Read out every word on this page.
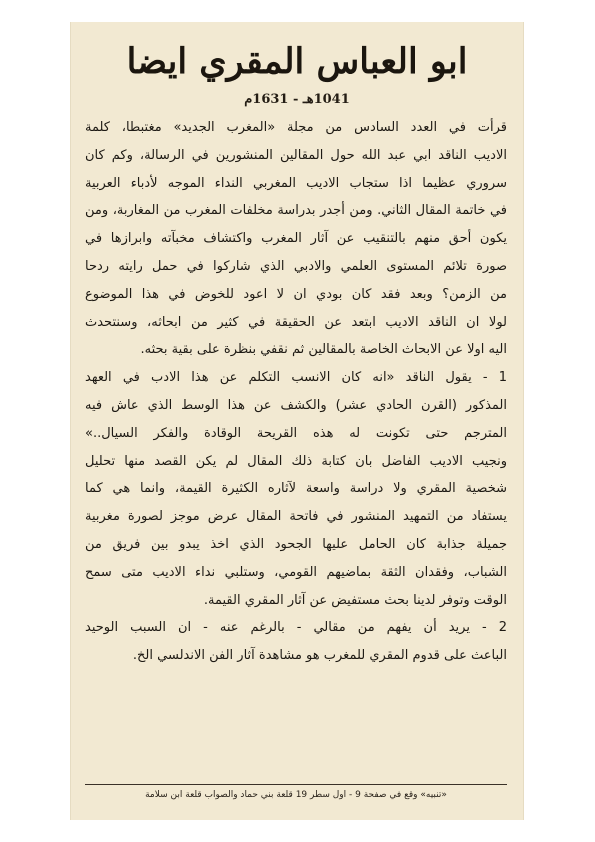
ابو العباس المقري ايضا
1041هـ - 1631م
قرأت في العدد السادس من مجلة «المغرب الجديد» مغتبطا، كلمة
الاديب الناقد ابي عبد الله حول المقالين المنشورين في الرسالة، وكم كان
سروري عظيما اذا ستجاب الاديب المغربي النداء الموجه لأدباء العربية
في خاتمة المقال الثاني. ومن أجدر بدراسة مخلفات المغرب من المغاربة، ومن
يكون أحق منهم بالتنقيب عن آثار المغرب واكتشاف مخبآته وابرازها في
صورة تلائم المستوى العلمي والادبي الذي شاركوا في حمل رايته ردحا
من الزمن؟ وبعد فقد كان بودي ان لا اعود للخوض في هذا الموضوع
لولا ان الناقد الاديب ابتعد عن الحقيقة في كثير من ابحاثه، وسنتحدث
اليه اولا عن الابحاث الخاصة بالمقالين ثم نقفي بنظرة على بقية بحثه.
1 - يقول الناقد «انه كان الانسب التكلم عن هذا الادب في العهد
المذكور (القرن الحادي عشر) والكشف عن هذا الوسط الذي عاش فيه
المترجم حتى تكونت له هذه القريحة الوقادة والفكر السيال..»
ونجيب الاديب الفاضل بان كتابة ذلك المقال لم يكن القصد منها تحليل
شخصية المقري ولا دراسة واسعة لآثاره الكثيرة القيمة، وانما هي كما
يستفاد من التمهيد المنشور في فاتحة المقال عرض موجز لصورة مغربية
جميلة جذابة كان الحامل عليها الجحود الذي اخذ يبدو بين فريق من
الشباب، وفقدان الثقة بماضيهم القومي، وستلبي نداء الاديب متى سمح
الوقت وتوفر لدينا بحث مستفيض عن آثار المقري القيمة.
2 - يريد أن يفهم من مقالي - بالرغم عنه - ان السبب الوحيد
الباعث على قدوم المقري للمغرب هو مشاهدة آثار الفن الاندلسي الخ.
«تنبيه» وقع في صفحة 9 - اول سطر 19 قلعة بني حماد والصواب قلعة ابن سلامة
